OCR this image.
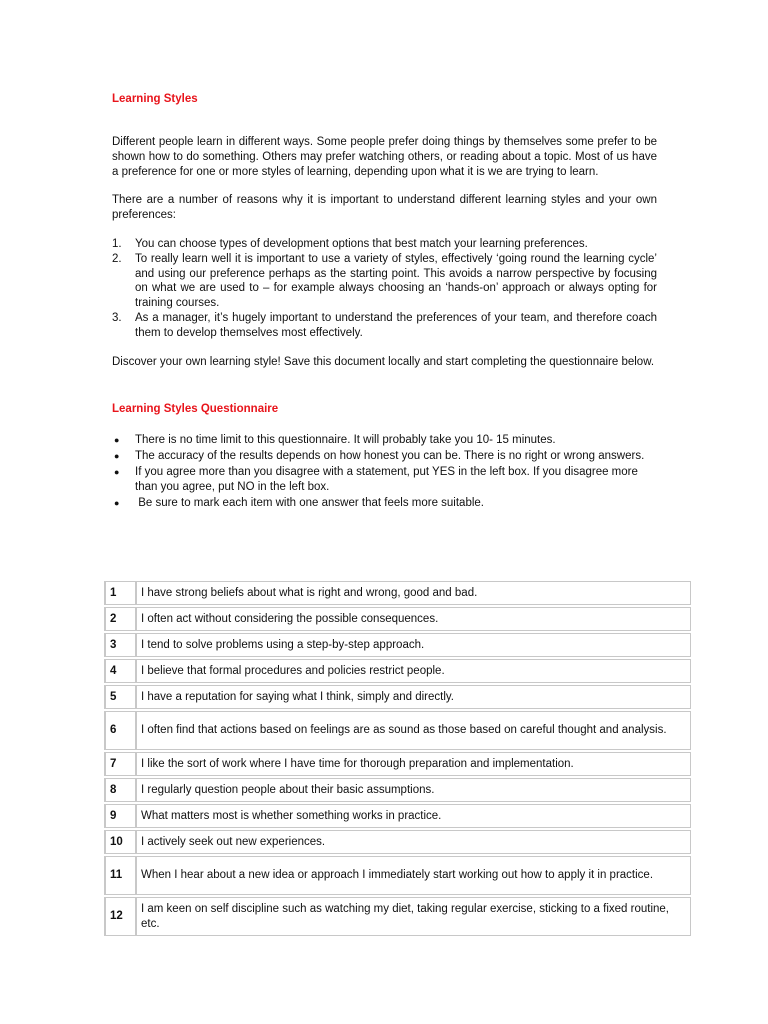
Learning Styles

Different people learn in different ways. Some people prefer doing things by themselves some prefer to be shown how to do something. Others may prefer watching others, or reading about a topic. Most of us have a preference for one or more styles of learning, depending upon what it is we are trying to learn.

There are a number of reasons why it is important to understand different learning styles and your own preferences:

1. You can choose types of development options that best match your learning preferences.
2. To really learn well it is important to use a variety of styles, effectively ‘going round the learning cycle’ and using our preference perhaps as the starting point. This avoids a narrow perspective by focusing on what we are used to – for example always choosing an ‘hands-on’ approach or always opting for training courses.
3. As a manager, it’s hugely important to understand the preferences of your team, and therefore coach them to develop themselves most effectively.

Discover your own learning style! Save this document locally and start completing the questionnaire below.

Learning Styles Questionnaire
● There is no time limit to this questionnaire. It will probably take you 10- 15 minutes.
● The accuracy of the results depends on how honest you can be. There is no right or wrong answers.
● If you agree more than you disagree with a statement, put YES in the left box. If you disagree more than you agree, put NO in the left box.
● Be sure to mark each item with one answer that feels more suitable.
	1	I have strong beliefs about what is right and wrong, good and bad.
	2	I often act without considering the possible consequences.
	3	I tend to solve problems using a step-by-step approach.
	4	I believe that formal procedures and policies restrict people.
	5	I have a reputation for saying what I think, simply and directly.
	6	I often find that actions based on feelings are as sound as those based on careful thought and analysis.
	7	I like the sort of work where I have time for thorough preparation and implementation.
	8	I regularly question people about their basic assumptions.
	9	What matters most is whether something works in practice.
	10	I actively seek out new experiences.
	11	When I hear about a new idea or approach I immediately start working out how to apply it in practice.
	12	I am keen on self discipline such as watching my diet, taking regular exercise, sticking to a fixed routine, etc.
